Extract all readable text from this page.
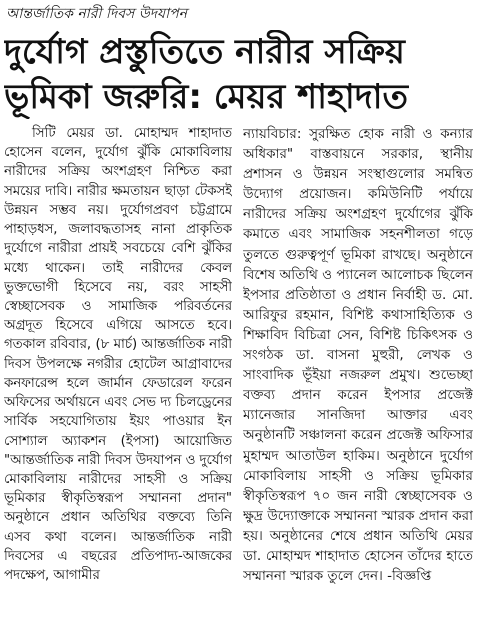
আন্তর্জাতিক নারী দিবস উদযাপন
দুর্যোগ প্রস্তুতিতে নারীর সক্রিয়
ভূমিকা জরুরি: মেয়র শাহাদাত

সিটি মেয়র ডা. মোহাম্মদ শাহাদাত হোসেন বলেন, দুর্যোগ ঝুঁকি মোকাবিলায় নারীদের সক্রিয় অংশগ্রহণ নিশ্চিত করা সময়ের দাবি। নারীর ক্ষমতায়ন ছাড়া টেকসই উন্নয়ন সম্ভব নয়। দুর্যোগপ্রবণ চট্টগ্রামে পাহাড়ধস, জলাবদ্ধতাসহ নানা প্রাকৃতিক দুর্যোগে নারীরা প্রায়ই সবচেয়ে বেশি ঝুঁকির মধ্যে থাকেন। তাই নারীদের কেবল ভুক্তভোগী হিসেবে নয়, বরং সাহসী স্বেচ্ছাসেবক ও সামাজিক পরিবর্তনের অগ্রদূত হিসেবে এগিয়ে আসতে হবে। গতকাল রবিবার, (৮ মার্চ) আন্তর্জাতিক নারী দিবস উপলক্ষে নগরীর হোটেল আগ্রাবাদের কনফারেন্স হলে জার্মান ফেডারেল ফরেন অফিসের অর্থায়নে এবং সেভ দ্য চিলড্রেনের সার্বিক সহযোগিতায় ইয়ং পাওয়ার ইন সোশ্যাল অ্যাকশন (ইপসা) আয়োজিত "আন্তর্জাতিক নারী দিবস উদযাপন ও দুর্যোগ মোকাবিলায় নারীদের সাহসী ও সক্রিয় ভূমিকার স্বীকৃতিস্বরূপ সম্মাননা প্রদান" অনুষ্ঠানে প্রধান অতিথির বক্তব্যে তিনি এসব কথা বলেন। আন্তর্জাতিক নারী দিবসের এ বছরের প্রতিপাদ্য-আজকের পদক্ষেপ, আগামীর

ন্যায়বিচার: সুরক্ষিত হোক নারী ও কন্যার অধিকার" বাস্তবায়নে সরকার, স্থানীয় প্রশাসন ও উন্নয়ন সংস্থাগুলোর সমন্বিত উদ্যোগ প্রয়োজন। কমিউনিটি পর্যায়ে নারীদের সক্রিয় অংশগ্রহণ দুর্যোগের ঝুঁকি কমাতে এবং সামাজিক সহনশীলতা গড়ে তুলতে গুরুত্বপূর্ণ ভূমিকা রাখছে। অনুষ্ঠানে বিশেষ অতিথি ও প্যানেল আলোচক ছিলেন ইপসার প্রতিষ্ঠাতা ও প্রধান নির্বাহী ড. মো. আরিফুর রহমান, বিশিষ্ট কথাসাহিত্যিক ও শিক্ষাবিদ বিচিত্রা সেন, বিশিষ্ট চিকিৎসক ও সংগঠক ডা. বাসনা মুহুরী, লেখক ও সাংবাদিক ভূঁইয়া নজরুল প্রমুখ। শুভেচ্ছা বক্তব্য প্রদান করেন ইপসার প্রজেক্ট ম্যানেজার সানজিদা আক্তার এবং অনুষ্ঠানটি সঞ্চালনা করেন প্রজেক্ট অফিসার মুহাম্মদ আতাউল হাকিম। অনুষ্ঠানে দুর্যোগ মোকাবিলায় সাহসী ও সক্রিয় ভূমিকার স্বীকৃতিস্বরূপ ৭০ জন নারী স্বেচ্ছাসেবক ও ক্ষুদ্র উদ্যোক্তাকে সম্মাননা স্মারক প্রদান করা হয়। অনুষ্ঠানের শেষে প্রধান অতিথি মেয়র ডা. মোহাম্মদ শাহাদাত হোসেন তাঁদের হাতে সম্মাননা স্মারক তুলে দেন। -বিজ্ঞপ্তি
